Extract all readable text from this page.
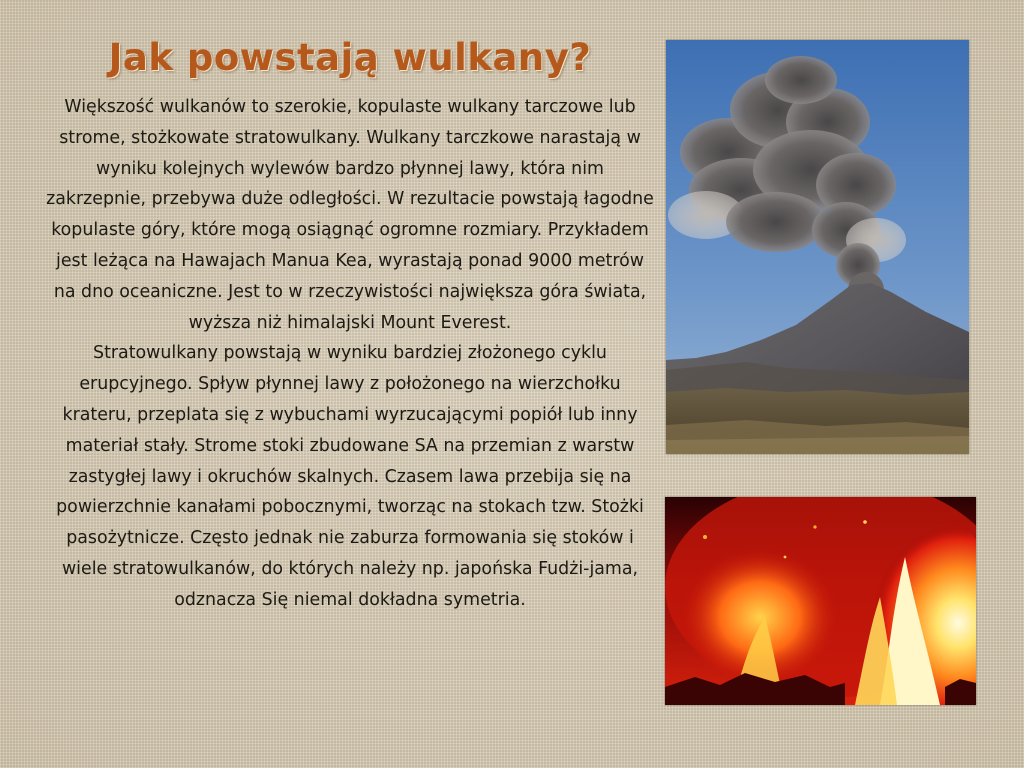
Jak powstają wulkany?

Większość wulkanów to szerokie, kopulaste wulkany tarczowe lub strome, stożkowate stratowulkany. Wulkany tarczkowe narastają w wyniku kolejnych wylewów bardzo płynnej lawy, która nim zakrzepnie, przebywa duże odległości. W rezultacie powstają łagodne kopulaste góry, które mogą osiągnąć ogromne rozmiary. Przykładem jest leżąca na Hawajach Manua Kea, wyrastają ponad 9000 metrów na dno oceaniczne. Jest to w rzeczywistości największa góra świata, wyższa niż himalajski Mount Everest.

Stratowulkany powstają w wyniku bardziej złożonego cyklu erupcyjnego. Spływ płynnej lawy z położonego na wierzchołku krateru, przeplata się z wybuchami wyrzucającymi popiół lub inny materiał stały. Strome stoki zbudowane SA na przemian z warstw zastygłej lawy i okruchów skalnych. Czasem lawa przebija się na powierzchnie kanałami pobocznymi, tworząc na stokach tzw. Stożki pasożytnicze. Często jednak nie zaburza formowania się stoków i wiele stratowulkanów, do których należy np. japońska Fudżi-jama, odznacza Się niemal dokładna symetria.
